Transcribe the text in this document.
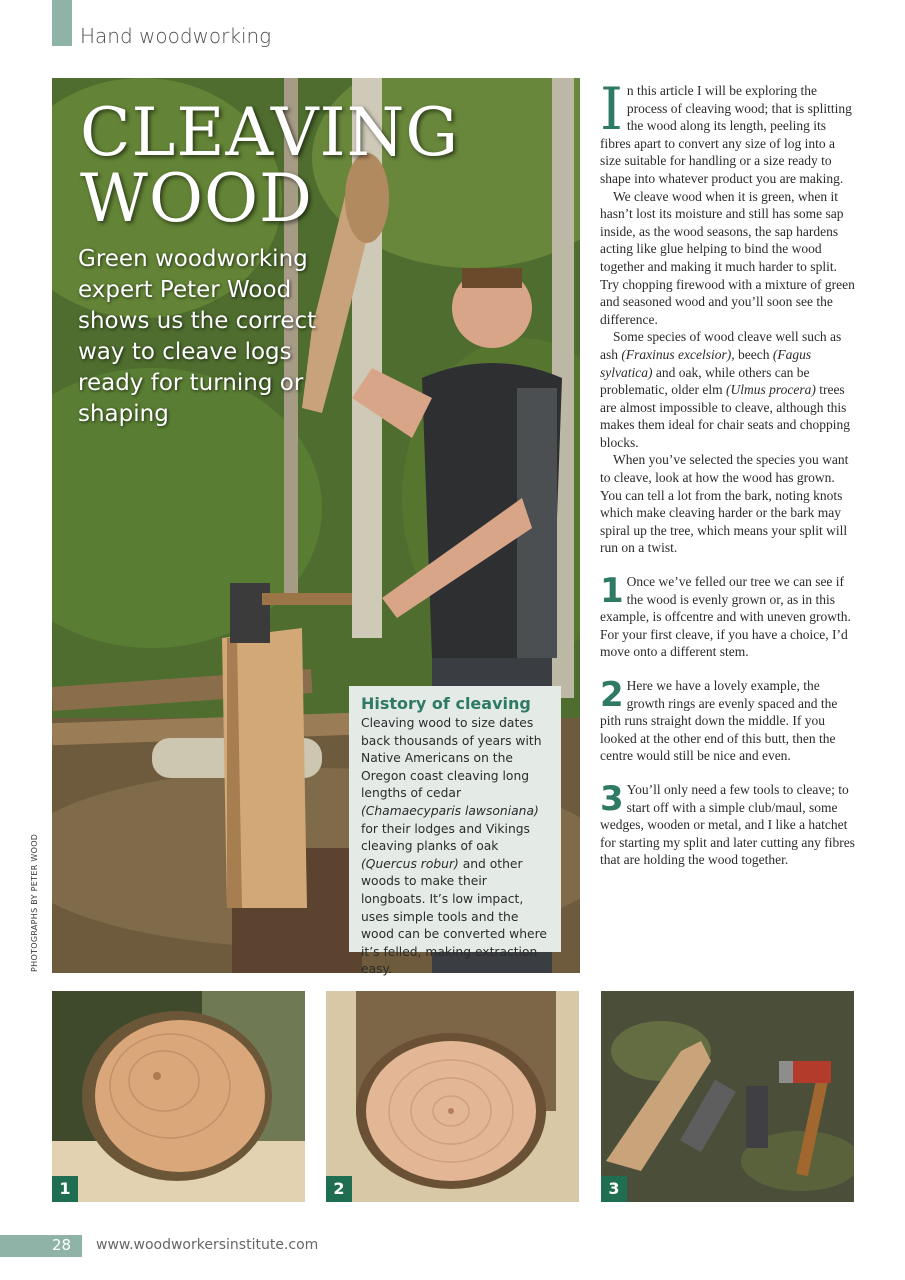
Hand woodworking
CLEAVING
WOOD
Green woodworking expert Peter Wood shows us the correct way to cleave logs ready for turning or shaping
PHOTOGRAPHS BY PETER WOOD
History of cleaving

Cleaving wood to size dates back thousands of years with Native Americans on the Oregon coast cleaving long lengths of cedar (Chamaecyparis lawsoniana) for their lodges and Vikings cleaving planks of oak (Quercus robur) and other woods to make their longboats. It’s low impact, uses simple tools and the wood can be converted where it’s felled, making extraction easy.

In this article I will be exploring the process of cleaving wood; that is splitting the wood along its length, peeling its fibres apart to convert any size of log into a size suitable for handling or a size ready to shape into whatever product you are making.

We cleave wood when it is green, when it hasn’t lost its moisture and still has some sap inside, as the wood seasons, the sap hardens acting like glue helping to bind the wood together and making it much harder to split. Try chopping firewood with a mixture of green and seasoned wood and you’ll soon see the difference.

Some species of wood cleave well such as ash (Fraxinus excelsior), beech (Fagus sylvatica) and oak, while others can be problematic, older elm (Ulmus procera) trees are almost impossible to cleave, although this makes them ideal for chair seats and chopping blocks.

When you’ve selected the species you want to cleave, look at how the wood has grown. You can tell a lot from the bark, noting knots which make cleaving harder or the bark may spiral up the tree, which means your split will run on a twist.

1 Once we’ve felled our tree we can see if the wood is evenly grown or, as in this example, is offcentre and with uneven growth. For your first cleave, if you have a choice, I’d move onto a different stem.

2 Here we have a lovely example, the growth rings are evenly spaced and the pith runs straight down the middle. If you looked at the other end of this butt, then the centre would still be nice and even.

3 You’ll only need a few tools to cleave; to start off with a simple club/maul, some wedges, wooden or metal, and I like a hatchet for starting my split and later cutting any fibres that are holding the wood together.

1	2	3
28 www.woodworkersinstitute.com
